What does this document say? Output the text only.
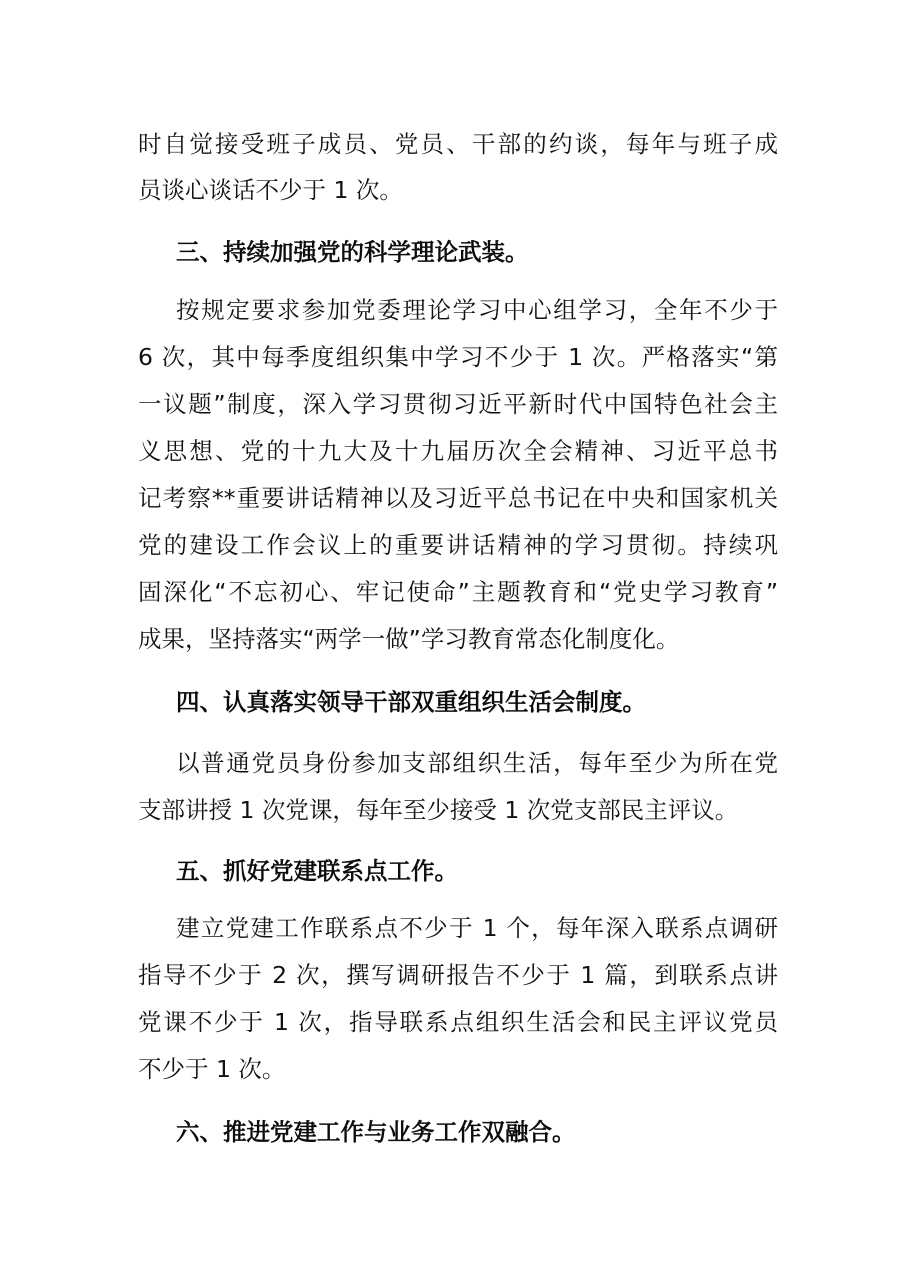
时自觉接受班子成员、党员、干部的约谈，每年与班子成
员谈心谈话不少于 1 次。
三、持续加强党的科学理论武装。
按规定要求参加党委理论学习中心组学习，全年不少于
6 次，其中每季度组织集中学习不少于 1 次。严格落实“第
一议题”制度，深入学习贯彻习近平新时代中国特色社会主
义思想、党的十九大及十九届历次全会精神、习近平总书
记考察**重要讲话精神以及习近平总书记在中央和国家机关
党的建设工作会议上的重要讲话精神的学习贯彻。持续巩
固深化“不忘初心、牢记使命”主题教育和“党史学习教育”
成果，坚持落实“两学一做”学习教育常态化制度化。
四、认真落实领导干部双重组织生活会制度。
以普通党员身份参加支部组织生活，每年至少为所在党
支部讲授 1 次党课，每年至少接受 1 次党支部民主评议。
五、抓好党建联系点工作。
建立党建工作联系点不少于 1 个，每年深入联系点调研
指导不少于 2 次，撰写调研报告不少于 1 篇，到联系点讲
党课不少于 1 次，指导联系点组织生活会和民主评议党员
不少于 1 次。
六、推进党建工作与业务工作双融合。
